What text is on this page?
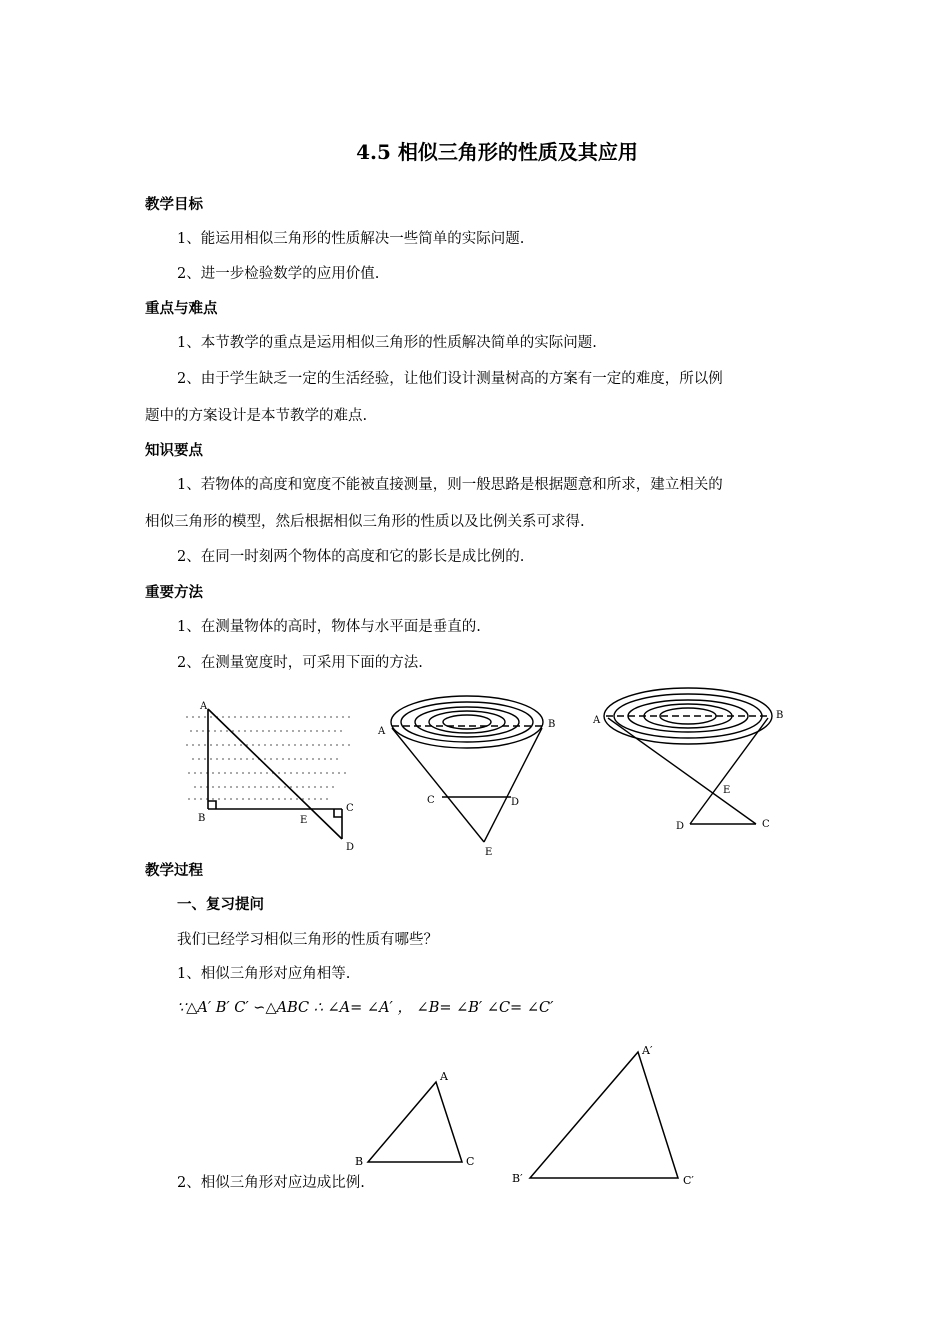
4.5 相似三角形的性质及其应用
教学目标
1、能运用相似三角形的性质解决一些简单的实际问题.
2、进一步检验数学的应用价值.
重点与难点
1、本节教学的重点是运用相似三角形的性质解决简单的实际问题.
2、由于学生缺乏一定的生活经验，让他们设计测量树高的方案有一定的难度，所以例
题中的方案设计是本节教学的难点.
知识要点
1、若物体的高度和宽度不能被直接测量，则一般思路是根据题意和所求，建立相关的
相似三角形的模型，然后根据相似三角形的性质以及比例关系可求得.
2、在同一时刻两个物体的高度和它的影长是成比例的.
重要方法
1、在测量物体的高时，物体与水平面是垂直的.
2、在测量宽度时，可采用下面的方法.
A
B
C
D
E
A
B
C	D
E
A	B
C
D
E
教学过程
一、复习提问
我们已经学习相似三角形的性质有哪些？
1、相似三角形对应角相等.
∵△A′ B′ C′ ∽△ABC ∴ ∠A= ∠A′ ， ∠B= ∠B′ ∠C= ∠C′
A
B	C
A′
B′	C′
2、相似三角形对应边成比例.
